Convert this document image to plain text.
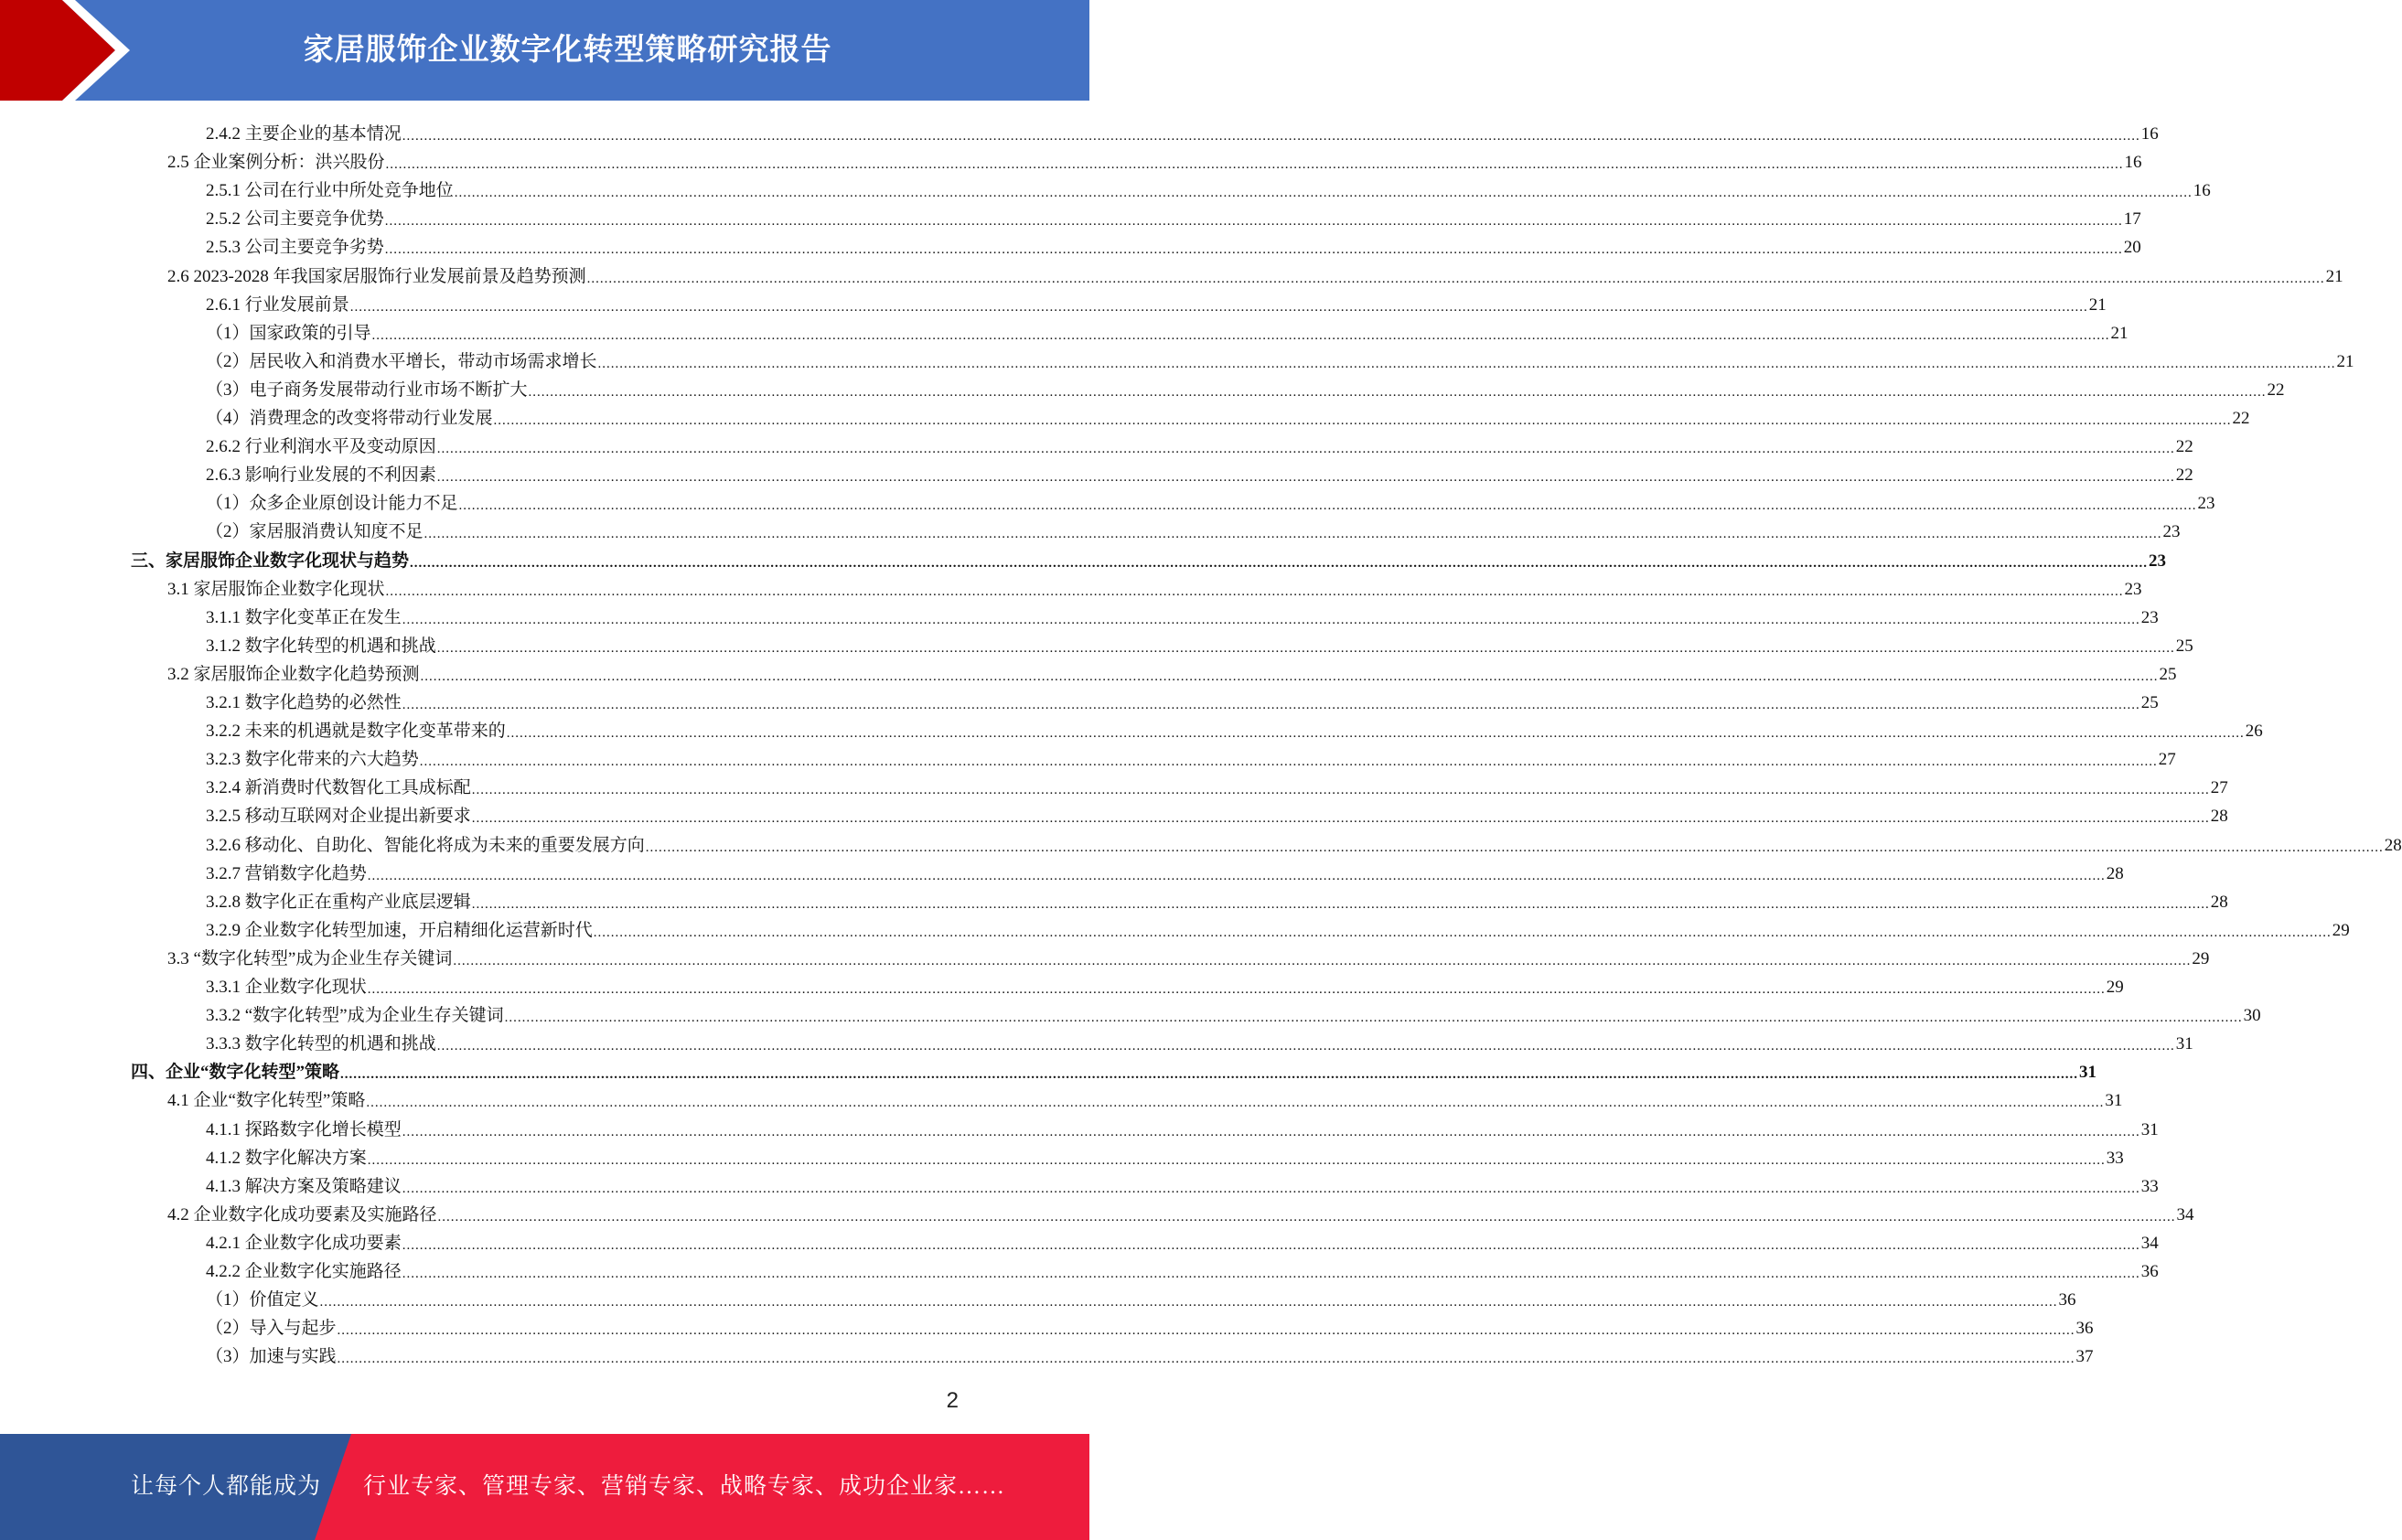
家居服饰企业数字化转型策略研究报告
2.4.2 主要企业的基本情况 ................................................................................................................................................................................................................................................................................................................................................................................................................ 16
2.5 企业案例分析：洪兴股份 ................................................................................................................................................................................................................................................................................................................................................................................................................ 16
2.5.1 公司在行业中所处竞争地位 ................................................................................................................................................................................................................................................................................................................................................................................................................ 16
2.5.2 公司主要竞争优势 ................................................................................................................................................................................................................................................................................................................................................................................................................ 17
2.5.3 公司主要竞争劣势 ................................................................................................................................................................................................................................................................................................................................................................................................................ 20
2.6 2023-2028 年我国家居服饰行业发展前景及趋势预测 ................................................................................................................................................................................................................................................................................................................................................................................................................ 21
2.6.1 行业发展前景 ................................................................................................................................................................................................................................................................................................................................................................................................................ 21
（1）国家政策的引导 ................................................................................................................................................................................................................................................................................................................................................................................................................ 21
（2）居民收入和消费水平增长，带动市场需求增长 ................................................................................................................................................................................................................................................................................................................................................................................................................ 21
（3）电子商务发展带动行业市场不断扩大 ................................................................................................................................................................................................................................................................................................................................................................................................................ 22
（4）消费理念的改变将带动行业发展 ................................................................................................................................................................................................................................................................................................................................................................................................................ 22
2.6.2 行业利润水平及变动原因 ................................................................................................................................................................................................................................................................................................................................................................................................................ 22
2.6.3 影响行业发展的不利因素 ................................................................................................................................................................................................................................................................................................................................................................................................................ 22
（1）众多企业原创设计能力不足 ................................................................................................................................................................................................................................................................................................................................................................................................................ 23
（2）家居服消费认知度不足 ................................................................................................................................................................................................................................................................................................................................................................................................................ 23
三、家居服饰企业数字化现状与趋势 ................................................................................................................................................................................................................................................................................................................................................................................................................ 23
3.1 家居服饰企业数字化现状 ................................................................................................................................................................................................................................................................................................................................................................................................................ 23
3.1.1 数字化变革正在发生 ................................................................................................................................................................................................................................................................................................................................................................................................................ 23
3.1.2 数字化转型的机遇和挑战 ................................................................................................................................................................................................................................................................................................................................................................................................................ 25
3.2 家居服饰企业数字化趋势预测 ................................................................................................................................................................................................................................................................................................................................................................................................................ 25
3.2.1 数字化趋势的必然性 ................................................................................................................................................................................................................................................................................................................................................................................................................ 25
3.2.2 未来的机遇就是数字化变革带来的 ................................................................................................................................................................................................................................................................................................................................................................................................................ 26
3.2.3 数字化带来的六大趋势 ................................................................................................................................................................................................................................................................................................................................................................................................................ 27
3.2.4 新消费时代数智化工具成标配 ................................................................................................................................................................................................................................................................................................................................................................................................................ 27
3.2.5 移动互联网对企业提出新要求 ................................................................................................................................................................................................................................................................................................................................................................................................................ 28
3.2.6 移动化、自助化、智能化将成为未来的重要发展方向 ................................................................................................................................................................................................................................................................................................................................................................................................................ 28
3.2.7 营销数字化趋势 ................................................................................................................................................................................................................................................................................................................................................................................................................ 28
3.2.8 数字化正在重构产业底层逻辑 ................................................................................................................................................................................................................................................................................................................................................................................................................ 28
3.2.9 企业数字化转型加速，开启精细化运营新时代 ................................................................................................................................................................................................................................................................................................................................................................................................................ 29
3.3 “数字化转型”成为企业生存关键词 ................................................................................................................................................................................................................................................................................................................................................................................................................ 29
3.3.1 企业数字化现状 ................................................................................................................................................................................................................................................................................................................................................................................................................ 29
3.3.2 “数字化转型”成为企业生存关键词 ................................................................................................................................................................................................................................................................................................................................................................................................................ 30
3.3.3 数字化转型的机遇和挑战 ................................................................................................................................................................................................................................................................................................................................................................................................................ 31
四、企业“数字化转型”策略 ................................................................................................................................................................................................................................................................................................................................................................................................................ 31
4.1 企业“数字化转型”策略 ................................................................................................................................................................................................................................................................................................................................................................................................................ 31
4.1.1 探路数字化增长模型 ................................................................................................................................................................................................................................................................................................................................................................................................................ 31
4.1.2 数字化解决方案 ................................................................................................................................................................................................................................................................................................................................................................................................................ 33
4.1.3 解决方案及策略建议 ................................................................................................................................................................................................................................................................................................................................................................................................................ 33
4.2 企业数字化成功要素及实施路径 ................................................................................................................................................................................................................................................................................................................................................................................................................ 34
4.2.1 企业数字化成功要素 ................................................................................................................................................................................................................................................................................................................................................................................................................ 34
4.2.2 企业数字化实施路径 ................................................................................................................................................................................................................................................................................................................................................................................................................ 36
（1）价值定义 ................................................................................................................................................................................................................................................................................................................................................................................................................ 36
（2）导入与起步 ................................................................................................................................................................................................................................................................................................................................................................................................................ 36
（3）加速与实践 ................................................................................................................................................................................................................................................................................................................................................................................................................ 37
2
让每个人都能成为 行业专家、管理专家、营销专家、战略专家、成功企业家……
